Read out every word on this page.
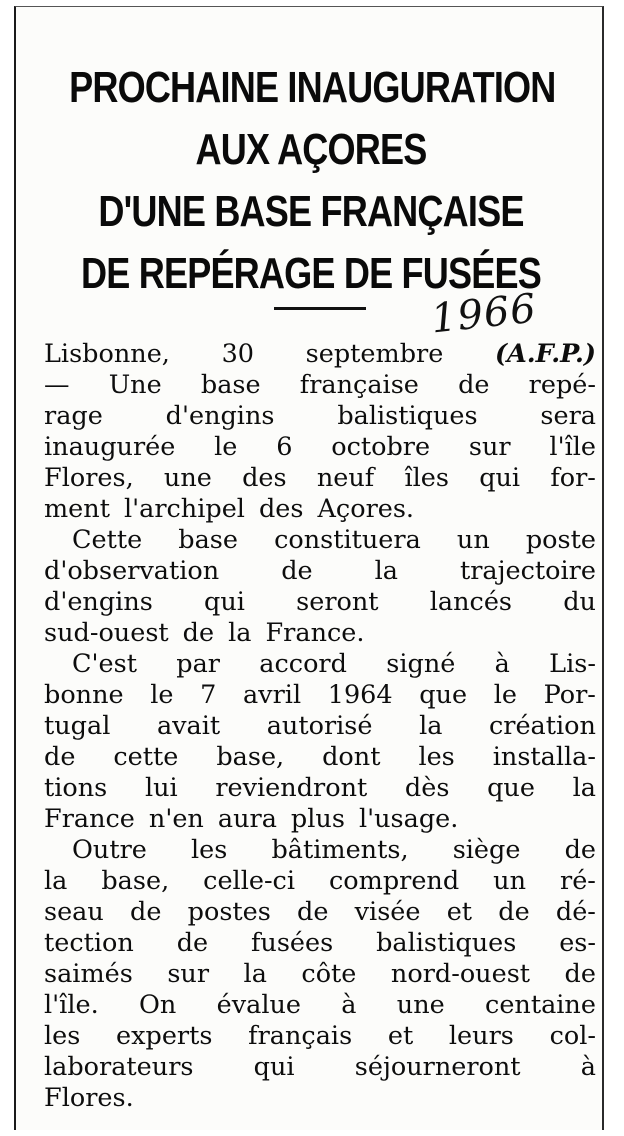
PROCHAINE INAUGURATION
AUX AÇORES
D'UNE BASE FRANÇAISE
DE REPÉRAGE DE FUSÉES
1966
Lisbonne, 30 septembre (A.F.P.)
— Une base française de repé-
rage d'engins balistiques sera
inaugurée le 6 octobre sur l'île
Flores, une des neuf îles qui for-
ment l'archipel des Açores.
Cette base constituera un poste
d'observation de la trajectoire
d'engins qui seront lancés du
sud-ouest de la France.
C'est par accord signé à Lis-
bonne le 7 avril 1964 que le Por-
tugal avait autorisé la création
de cette base, dont les installa-
tions lui reviendront dès que la
France n'en aura plus l'usage.
Outre les bâtiments, siège de
la base, celle-ci comprend un ré-
seau de postes de visée et de dé-
tection de fusées balistiques es-
saimés sur la côte nord-ouest de
l'île. On évalue à une centaine
les experts français et leurs col-
laborateurs qui séjourneront à
Flores.
